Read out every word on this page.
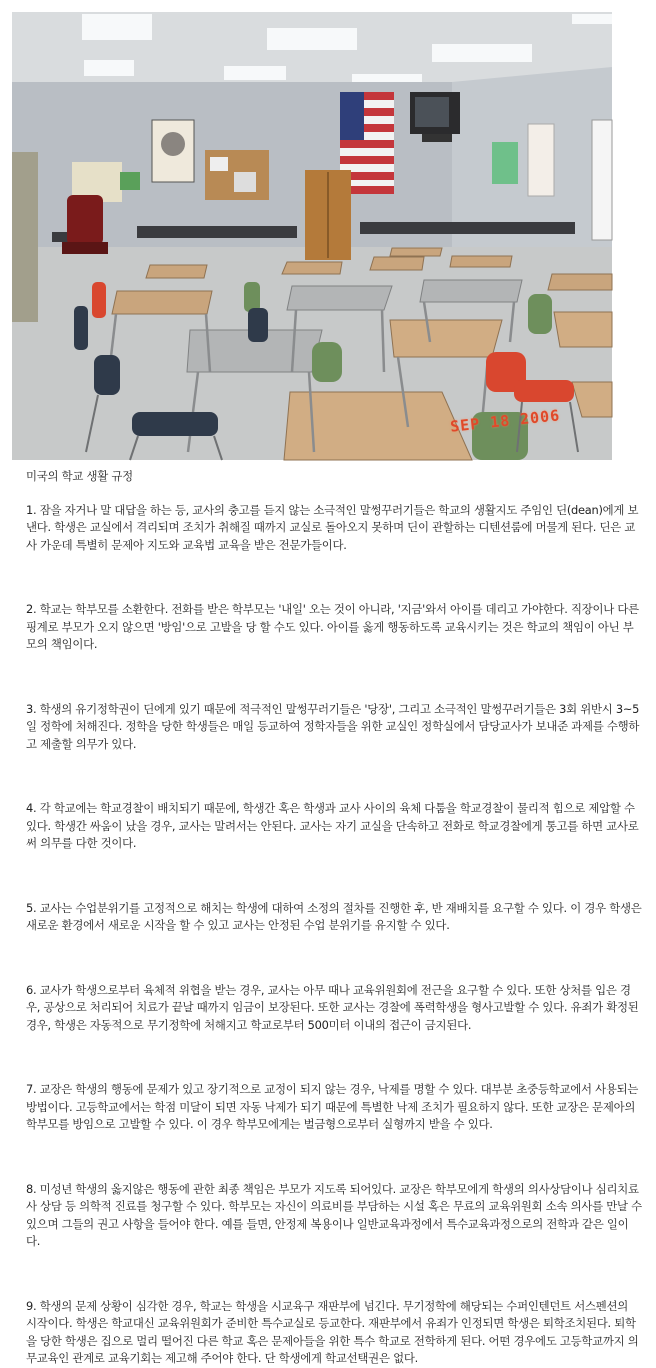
SEP 18 2006
미국의 학교 생활 규정

1. 잠을 자거나 말 대답을 하는 등, 교사의 충고를 듣지 않는 소극적인 말썽꾸러기들은 학교의 생활지도 주임인 딘(dean)에게 보낸다. 학생은 교실에서 격리되며 조치가 취해질 때까지 교실로 돌아오지 못하며 딘이 관할하는 디텐션룸에 머물게 된다. 딘은 교사 가운데 특별히 문제아 지도와 교육법 교육을 받은 전문가들이다.

2. 학교는 학부모를 소환한다. 전화를 받은 학부모는 '내일' 오는 것이 아니라, '지금'와서 아이를 데리고 가야한다. 직장이나 다른 핑계로 부모가 오지 않으면 '방임'으로 고발을 당 할 수도 있다. 아이를 옳게 행동하도록 교육시키는 것은 학교의 책임이 아닌 부모의 책임이다.

3. 학생의 유기정학권이 딘에게 있기 때문에 적극적인 말썽꾸러기들은 '당장', 그리고 소극적인 말썽꾸러기들은 3회 위반시 3~5일 정학에 처해진다. 정학을 당한 학생들은 매일 등교하여 정학자들을 위한 교실인 정학실에서 담당교사가 보내준 과제를 수행하고 제출할 의무가 있다.

4. 각 학교에는 학교경찰이 배치되기 때문에, 학생간 혹은 학생과 교사 사이의 육체 다툼을 학교경찰이 물리적 힘으로 제압할 수 있다. 학생간 싸움이 났을 경우, 교사는 말려서는 안된다. 교사는 자기 교실을 단속하고 전화로 학교경찰에게 통고를 하면 교사로써 의무를 다한 것이다.

5. 교사는 수업분위기를 고정적으로 해치는 학생에 대하여 소정의 절차를 진행한 후, 반 재배치를 요구할 수 있다. 이 경우 학생은 새로운 환경에서 새로운 시작을 할 수 있고 교사는 안정된 수업 분위기를 유지할 수 있다.

6. 교사가 학생으로부터 육체적 위협을 받는 경우, 교사는 아무 때나 교육위원회에 전근을 요구할 수 있다. 또한 상처를 입은 경우, 공상으로 처리되어 치료가 끝날 때까지 임금이 보장된다. 또한 교사는 경찰에 폭력학생을 형사고발할 수 있다. 유죄가 확정된 경우, 학생은 자동적으로 무기정학에 처해지고 학교로부터 500미터 이내의 접근이 금지된다.

7. 교장은 학생의 행동에 문제가 있고 장기적으로 교정이 되지 않는 경우, 낙제를 명할 수 있다. 대부분 초중등학교에서 사용되는 방법이다. 고등학교에서는 학점 미달이 되면 자동 낙제가 되기 때문에 특별한 낙제 조치가 필요하지 않다. 또한 교장은 문제아의 학부모를 방임으로 고발할 수 있다. 이 경우 학부모에게는 벌금형으로부터 실형까지 받을 수 있다.

8. 미성년 학생의 옳지않은 행동에 관한 최종 책임은 부모가 지도록 되어있다. 교장은 학부모에게 학생의 의사상담이나 심리치료사 상담 등 의학적 진료를 청구할 수 있다. 학부모는 자신이 의료비를 부담하는 시설 혹은 무료의 교육위원회 소속 의사를 만날 수 있으며 그들의 권고 사항을 들어야 한다. 예를 들면, 안정제 복용이나 일반교육과정에서 특수교육과정으로의 전학과 같은 일이다.

9. 학생의 문제 상황이 심각한 경우, 학교는 학생을 시교육구 재판부에 넘긴다. 무기정학에 해당되는 수퍼인텐던트 서스펜션의 시작이다. 학생은 학교대신 교육위원회가 준비한 특수교실로 등교한다. 재판부에서 유죄가 인정되면 학생은 퇴학조치된다. 퇴학을 당한 학생은 집으로 멀리 떨어진 다른 학교 혹은 문제아들을 위한 특수 학교로 전학하게 된다. 어떤 경우에도 고등학교까지 의무교육인 관계로 교육기회는 제고해 주어야 한다. 단 학생에게 학교선택권은 없다.
